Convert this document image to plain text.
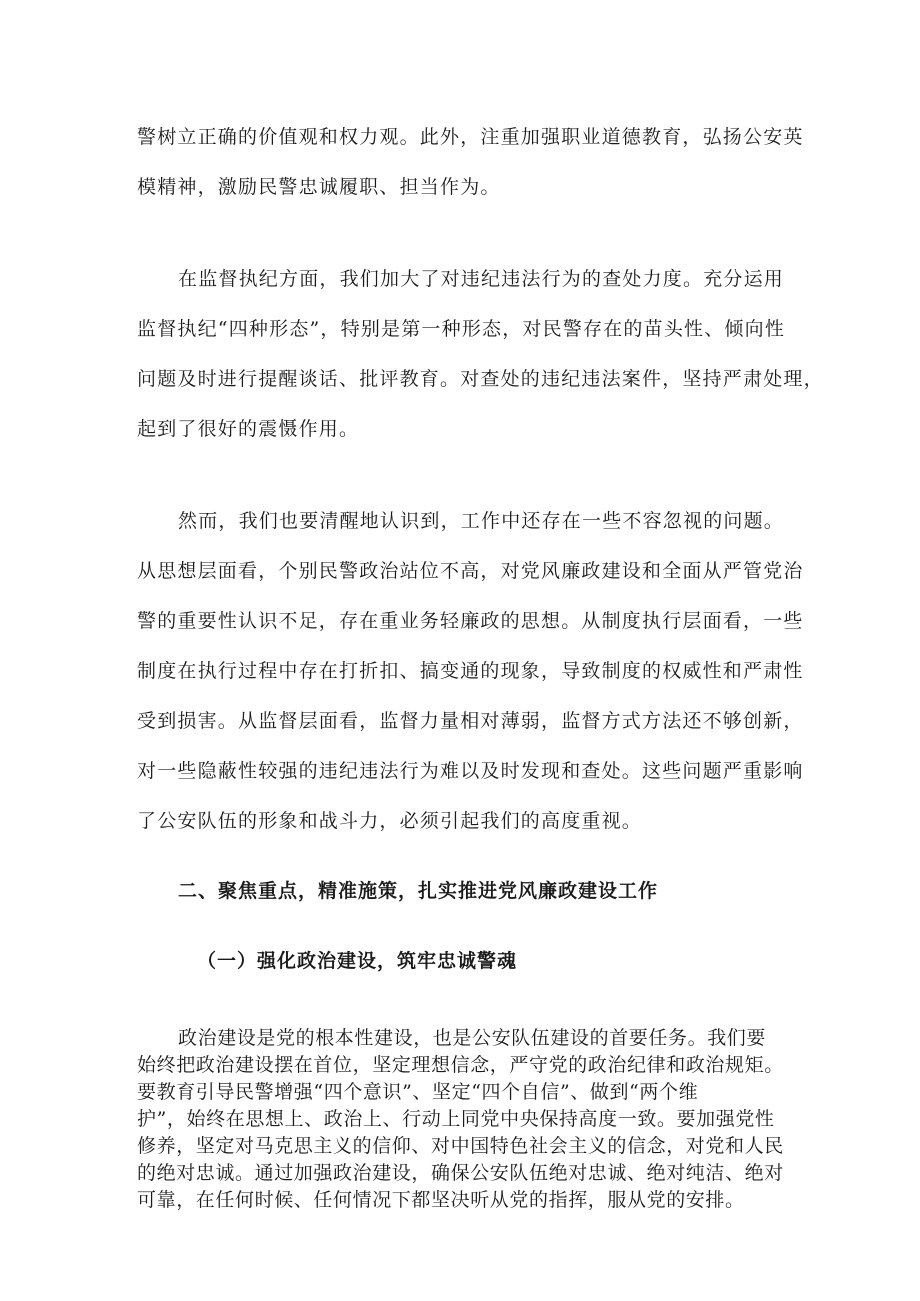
警树立正确的价值观和权力观。此外，注重加强职业道德教育，弘扬公安英
模精神，激励民警忠诚履职、担当作为。
在监督执纪方面，我们加大了对违纪违法行为的查处力度。充分运用
监督执纪“四种形态”，特别是第一种形态，对民警存在的苗头性、倾向性
问题及时进行提醒谈话、批评教育。对查处的违纪违法案件，坚持严肃处理，
起到了很好的震慑作用。
然而，我们也要清醒地认识到，工作中还存在一些不容忽视的问题。
从思想层面看，个别民警政治站位不高，对党风廉政建设和全面从严管党治
警的重要性认识不足，存在重业务轻廉政的思想。从制度执行层面看，一些
制度在执行过程中存在打折扣、搞变通的现象，导致制度的权威性和严肃性
受到损害。从监督层面看，监督力量相对薄弱，监督方式方法还不够创新，
对一些隐蔽性较强的违纪违法行为难以及时发现和查处。这些问题严重影响
了公安队伍的形象和战斗力，必须引起我们的高度重视。
二、聚焦重点，精准施策，扎实推进党风廉政建设工作
（一）强化政治建设，筑牢忠诚警魂
政治建设是党的根本性建设，也是公安队伍建设的首要任务。我们要
始终把政治建设摆在首位，坚定理想信念，严守党的政治纪律和政治规矩。
要教育引导民警增强“四个意识”、坚定“四个自信”、做到“两个维
护”，始终在思想上、政治上、行动上同党中央保持高度一致。要加强党性
修养，坚定对马克思主义的信仰、对中国特色社会主义的信念，对党和人民
的绝对忠诚。通过加强政治建设，确保公安队伍绝对忠诚、绝对纯洁、绝对
可靠，在任何时候、任何情况下都坚决听从党的指挥，服从党的安排。
